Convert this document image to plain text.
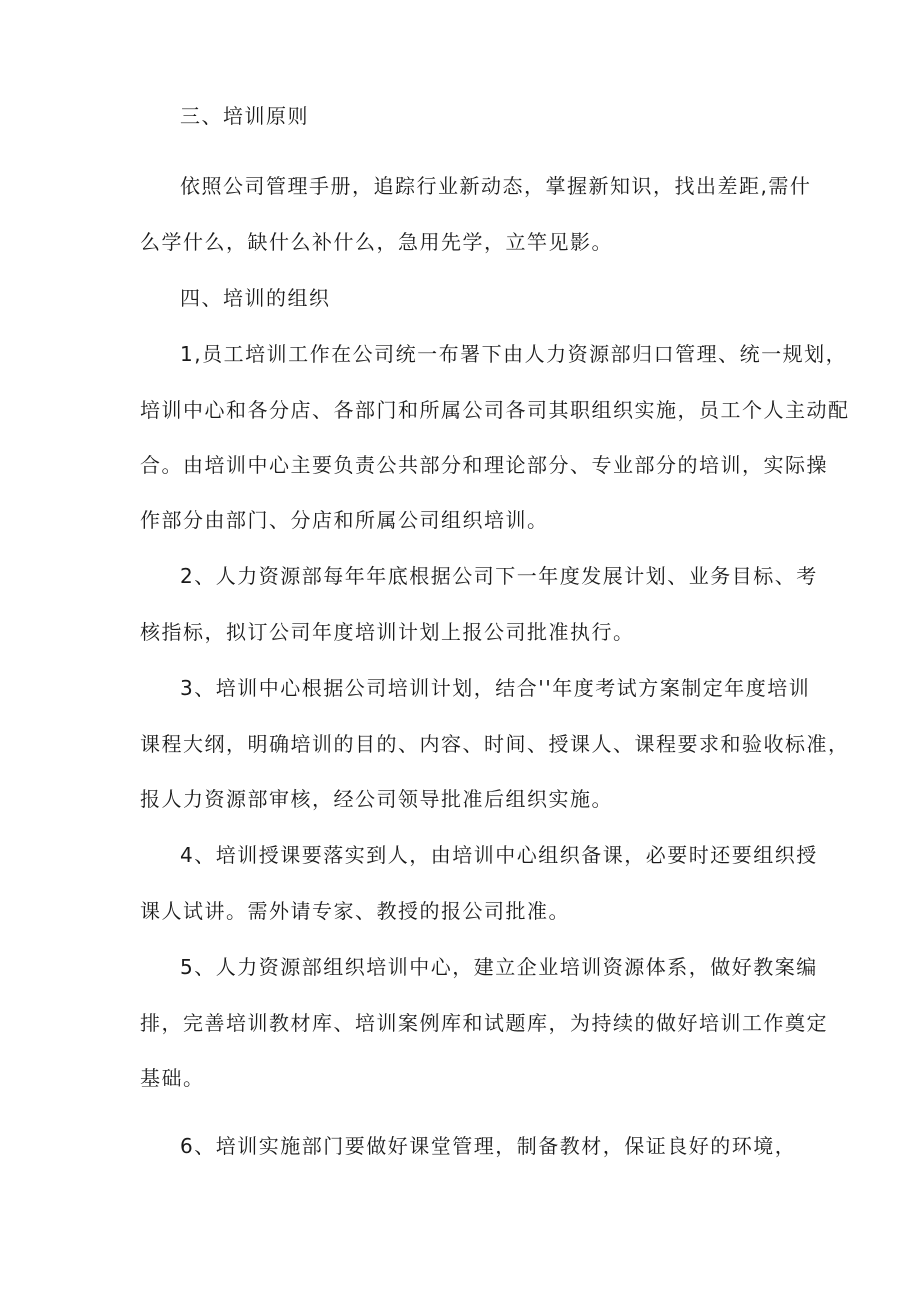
三、培训原则
依照公司管理手册，追踪行业新动态，掌握新知识，找出差距,需什
么学什么，缺什么补什么，急用先学，立竿见影。
四、培训的组织
1,员工培训工作在公司统一布署下由人力资源部归口管理、统一规划，
培训中心和各分店、各部门和所属公司各司其职组织实施，员工个人主动配
合。由培训中心主要负责公共部分和理论部分、专业部分的培训，实际操
作部分由部门、分店和所属公司组织培训。
2、人力资源部每年年底根据公司下一年度发展计划、业务目标、考
核指标，拟订公司年度培训计划上报公司批准执行。
3、培训中心根据公司培训计划，结合''年度考试方案制定年度培训
课程大纲，明确培训的目的、内容、时间、授课人、课程要求和验收标准，
报人力资源部审核，经公司领导批准后组织实施。
4、培训授课要落实到人，由培训中心组织备课，必要时还要组织授
课人试讲。需外请专家、教授的报公司批准。
5、人力资源部组织培训中心，建立企业培训资源体系，做好教案编
排，完善培训教材库、培训案例库和试题库，为持续的做好培训工作奠定
基础。
6、培训实施部门要做好课堂管理，制备教材，保证良好的环境，
